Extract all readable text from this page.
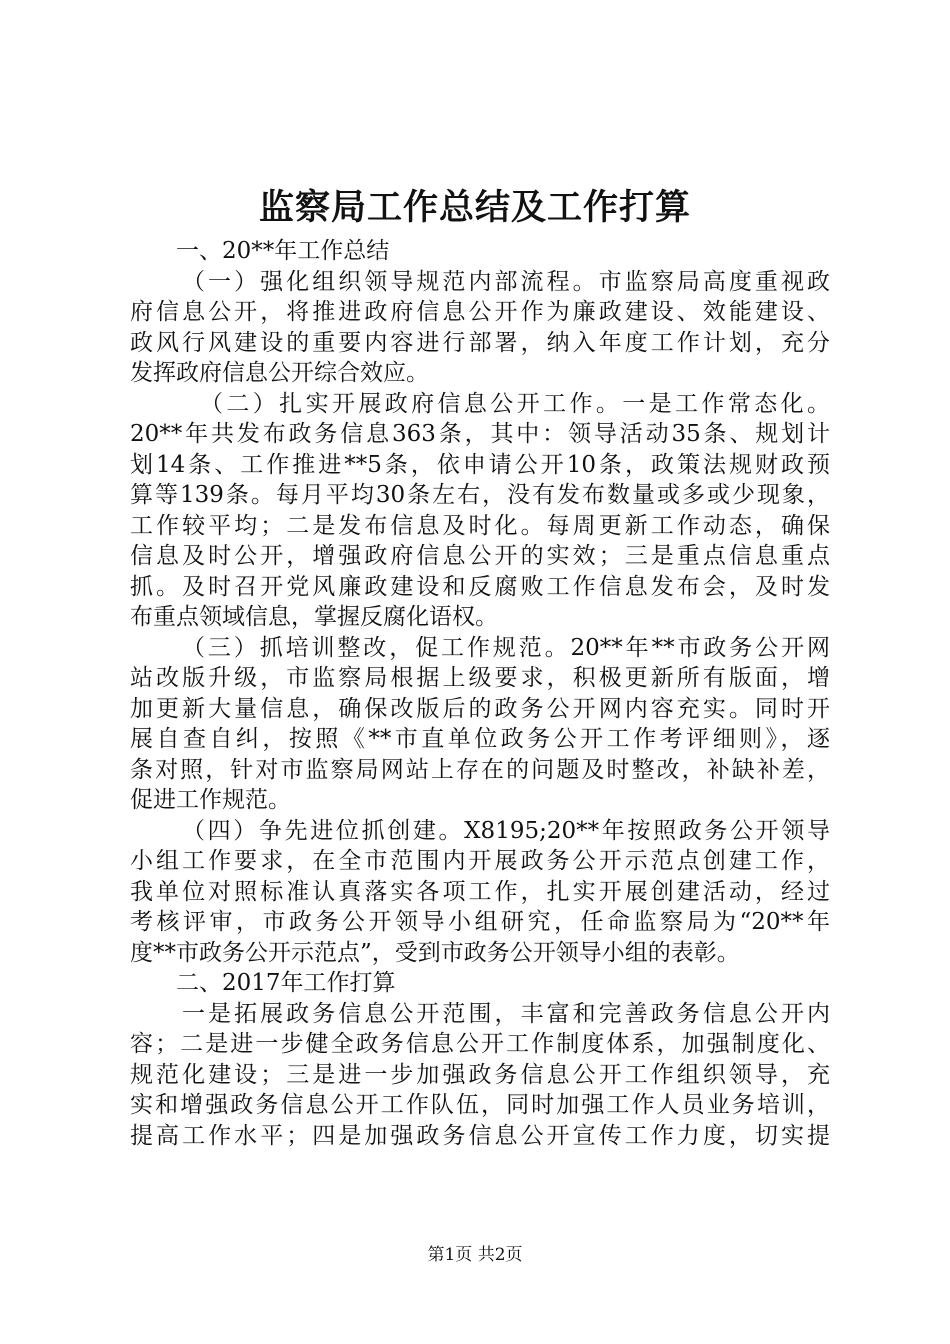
监察局工作总结及工作打算
一、20**年工作总结
（一）强化组织领导规范内部流程。市监察局高度重视政
府信息公开，将推进政府信息公开作为廉政建设、效能建设、
政风行风建设的重要内容进行部署，纳入年度工作计划，充分
发挥政府信息公开综合效应。
（二）扎实开展政府信息公开工作。一是工作常态化。
20**年共发布政务信息363条，其中：领导活动35条、规划计
划14条、工作推进**5条，依申请公开10条，政策法规财政预
算等139条。每月平均30条左右，没有发布数量或多或少现象，
工作较平均；二是发布信息及时化。每周更新工作动态，确保
信息及时公开，增强政府信息公开的实效；三是重点信息重点
抓。及时召开党风廉政建设和反腐败工作信息发布会，及时发
布重点领域信息，掌握反腐化语权。
（三）抓培训整改，促工作规范。20**年**市政务公开网
站改版升级，市监察局根据上级要求，积极更新所有版面，增
加更新大量信息，确保改版后的政务公开网内容充实。同时开
展自查自纠，按照《**市直单位政务公开工作考评细则》，逐
条对照，针对市监察局网站上存在的问题及时整改，补缺补差，
促进工作规范。
（四）争先进位抓创建。X8195;20**年按照政务公开领导
小组工作要求，在全市范围内开展政务公开示范点创建工作，
我单位对照标准认真落实各项工作，扎实开展创建活动，经过
考核评审，市政务公开领导小组研究，任命监察局为“20**年
度**市政务公开示范点”，受到市政务公开领导小组的表彰。
二、2017年工作打算
一是拓展政务信息公开范围，丰富和完善政务信息公开内
容；二是进一步健全政务信息公开工作制度体系，加强制度化、
规范化建设；三是进一步加强政务信息公开工作组织领导，充
实和增强政务信息公开工作队伍，同时加强工作人员业务培训，
提高工作水平；四是加强政务信息公开宣传工作力度，切实提
第1页 共2页
